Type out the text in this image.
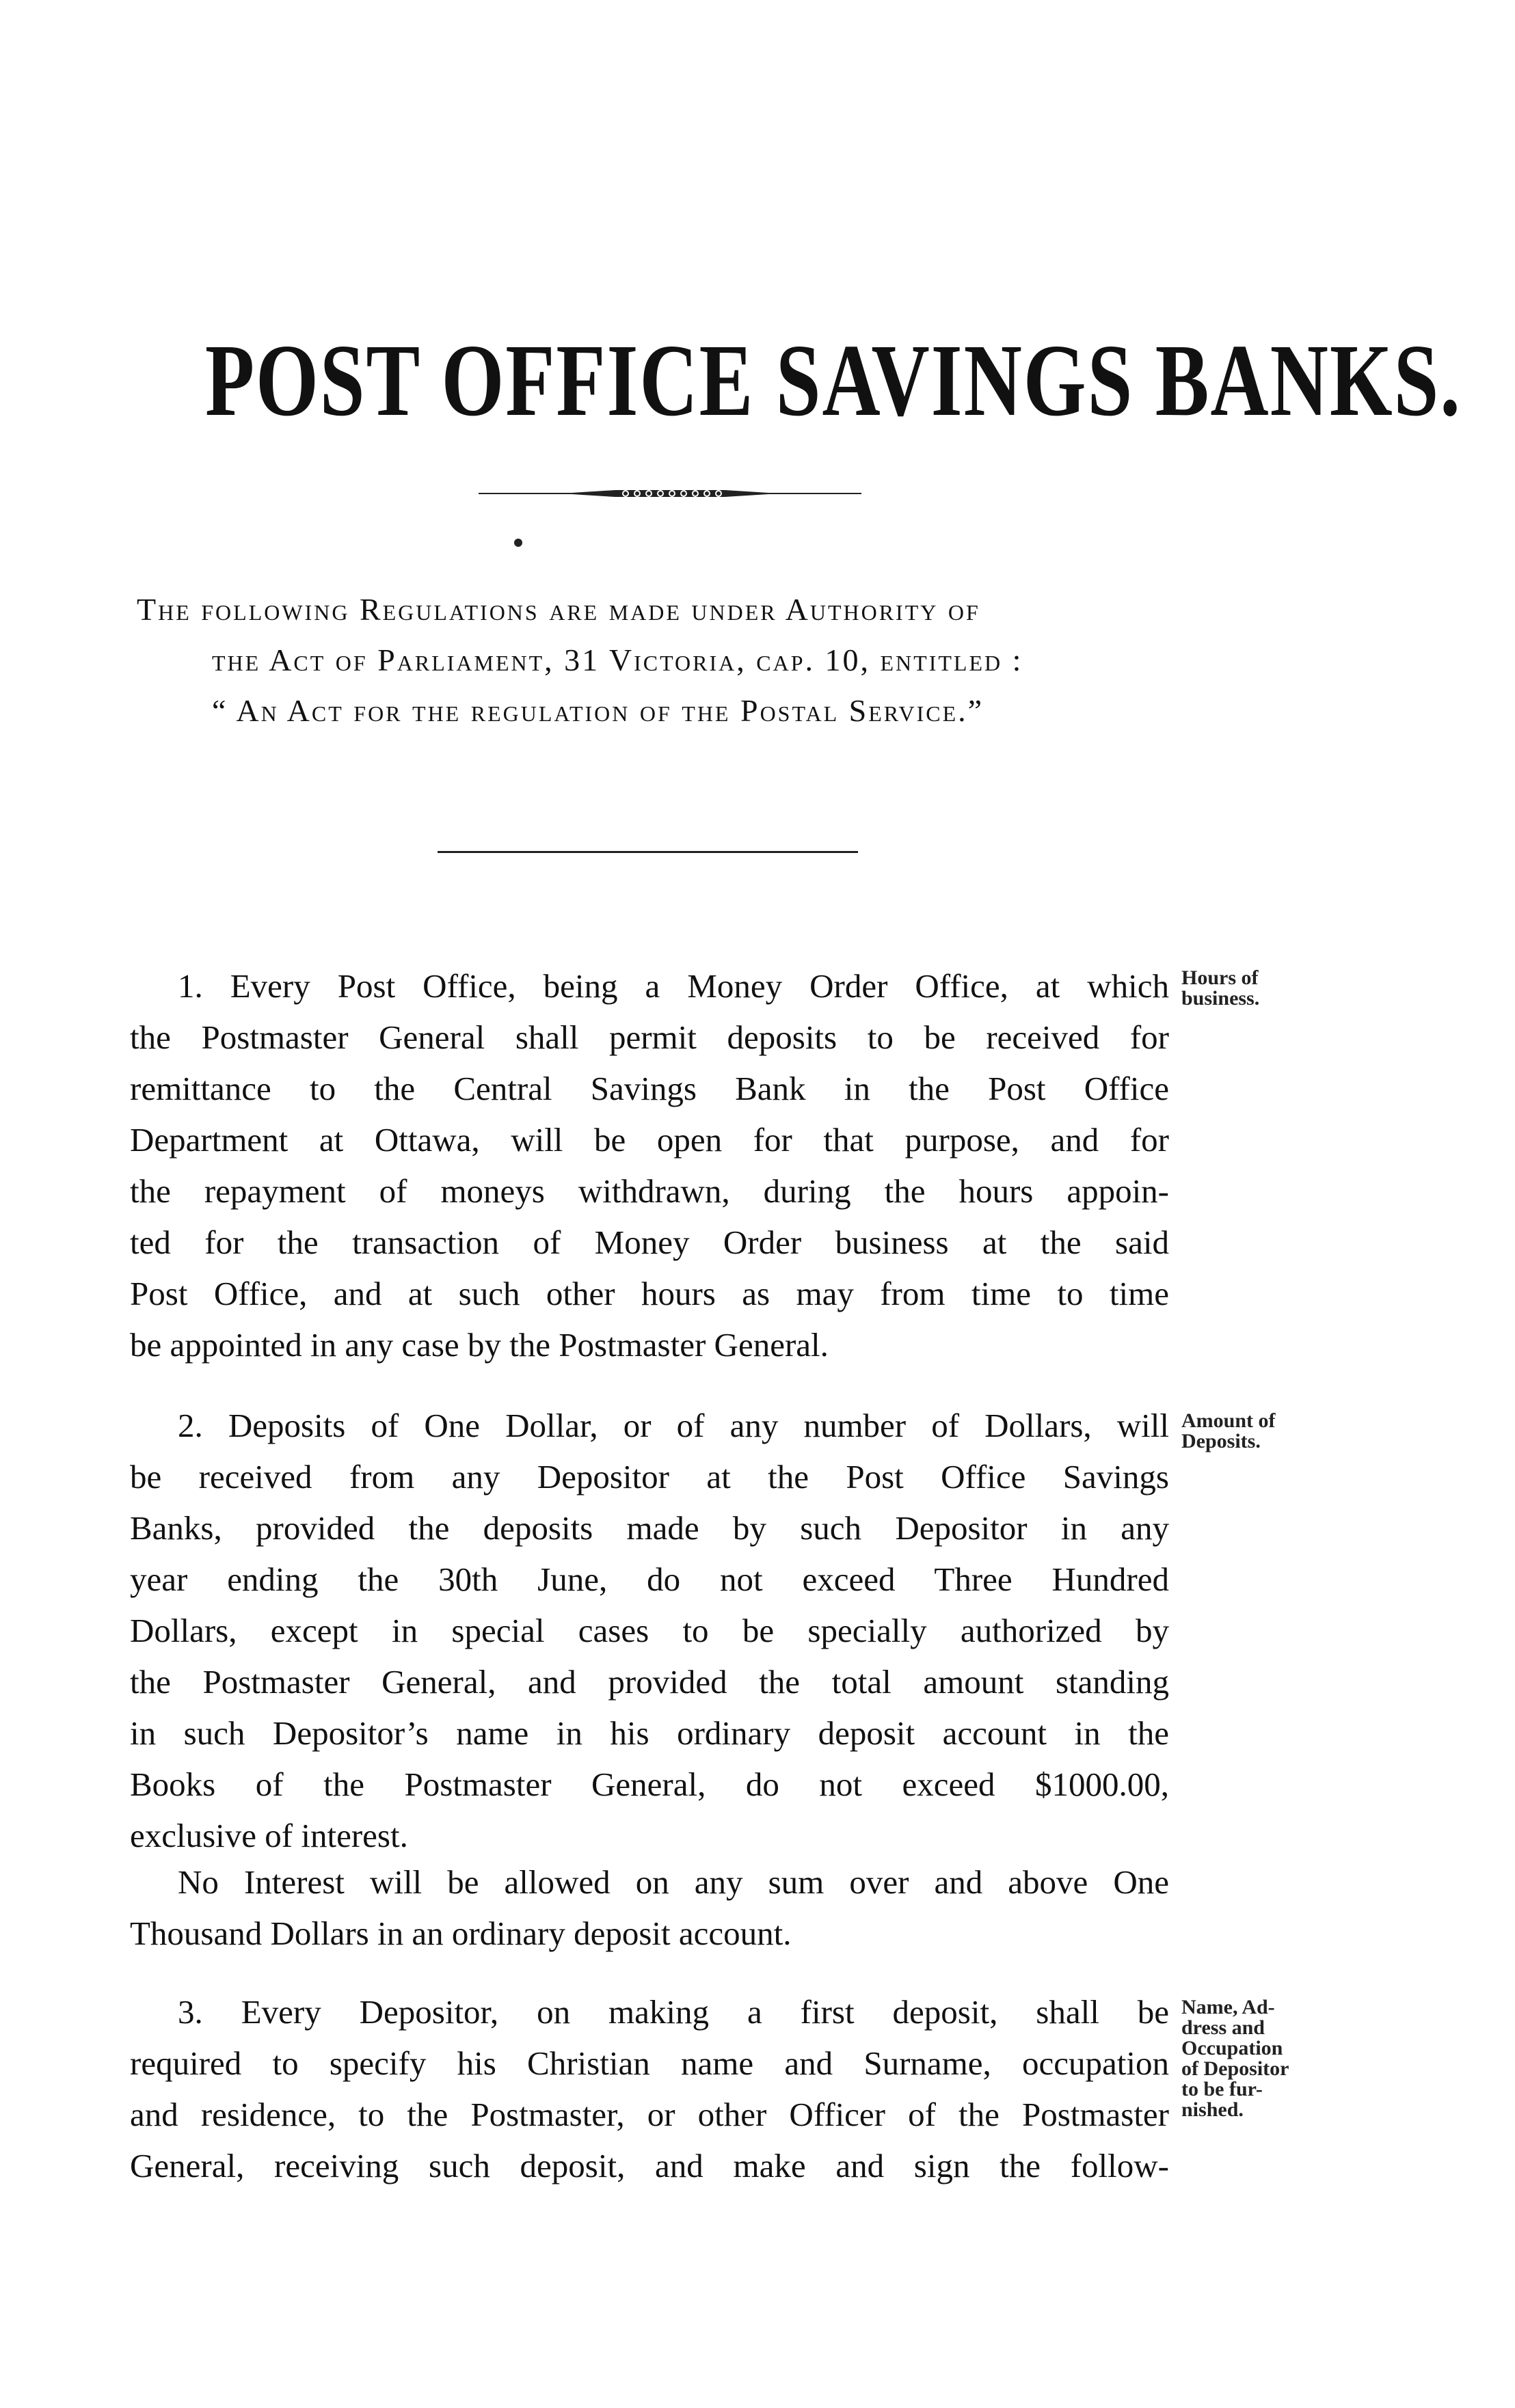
POST OFFICE SAVINGS BANKS.
The following Regulations are made under Authority of
the Act of Parliament, 31 Victoria, cap. 10, entitled :
“ An Act for the regulation of the Postal Service.”
1. Every Post Office, being a Money Order Office, at which
the Postmaster General shall permit deposits to be received for
remittance to the Central Savings Bank in the Post Office
Department at Ottawa, will be open for that purpose, and for
the repayment of moneys withdrawn, during the hours appoin-
ted for the transaction of Money Order business at the said
Post Office, and at such other hours as may from time to time
be appointed in any case by the Postmaster General.
Hours of
business.
2. Deposits of One Dollar, or of any number of Dollars, will
be received from any Depositor at the Post Office Savings
Banks, provided the deposits made by such Depositor in any
year ending the 30th June, do not exceed Three Hundred
Dollars, except in special cases to be specially authorized by
the Postmaster General, and provided the total amount standing
in such Depositor’s name in his ordinary deposit account in the
Books of the Postmaster General, do not exceed $1000.00,
exclusive of interest.
Amount of
Deposits.
No Interest will be allowed on any sum over and above One
Thousand Dollars in an ordinary deposit account.
3. Every Depositor, on making a first deposit, shall be
required to specify his Christian name and Surname, occupation
and residence, to the Postmaster, or other Officer of the Postmaster
General, receiving such deposit, and make and sign the follow-
Name, Ad-
dress and
Occupation
of Depositor
to be fur-
nished.
